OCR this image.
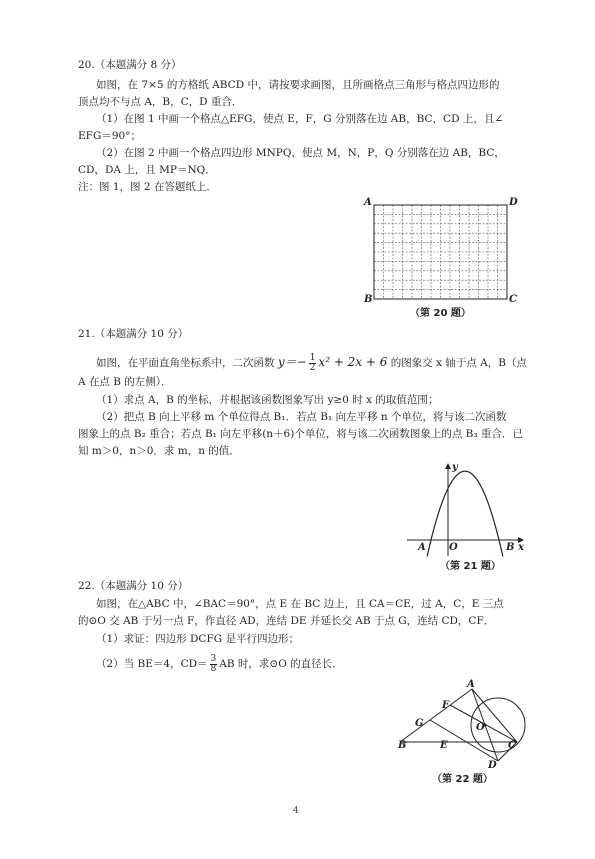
20.（本题满分 8 分）
如图，在 7×5 的方格纸 ABCD 中，请按要求画图，且所画格点三角形与格点四边形的
顶点均不与点 A，B，C，D 重合．
（1）在图 1 中画一个格点△EFG，使点 E，F，G 分别落在边 AB，BC，CD 上，且∠
EFG＝90°；
（2）在图 2 中画一个格点四边形 MNPQ，使点 M，N，P，Q 分别落在边 AB，BC，
CD，DA 上，且 MP＝NQ．
注：图 1，图 2 在答题纸上．
A	D
B	C
（第 20 题）
21.（本题满分 10 分）
如图，在平面直角坐标系中，二次函数 $y=- \frac{1}{2} x^2 + 2x + 6$ 的图象交 x 轴于点 A，B（点
A 在点 B 的左侧）．
（1）求点 A，B 的坐标，并根据该函数图象写出 y≥0 时 x 的取值范围；
（2）把点 B 向上平移 m 个单位得点 B₁．若点 B₁ 向左平移 n 个单位，将与该二次函数
图象上的点 B₂ 重合；若点 B₁ 向左平移(n＋6)个单位，将与该二次函数图象上的点 B₃ 重合．已
知 m＞0，n＞0．求 m，n 的值．
y
x
A O	B
（第 21 题）
22.（本题满分 10 分）
如图，在△ABC 中，∠BAC＝90°，点 E 在 BC 边上，且 CA＝CE，过 A，C，E 三点
的⊙O 交 AB 于另一点 F，作直径 AD，连结 DE 并延长交 AB 于点 G，连结 CD，CF．
（1）求证：四边形 DCFG 是平行四边形；
（2）当 BE＝4，$CD= \frac{3}{8}$ AB 时，求⊙O 的直径长．
A
F
G	O
B	E	C
D
（第 22 题）
4
